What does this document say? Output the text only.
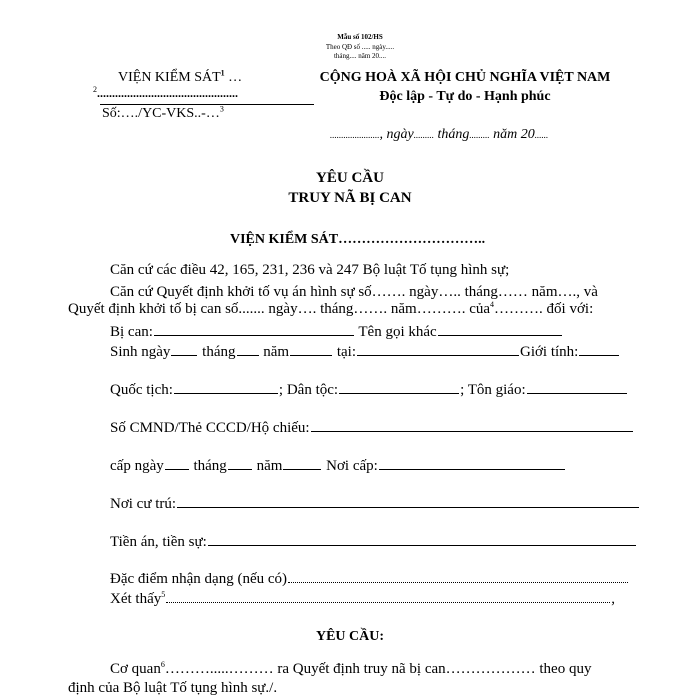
Mẫu số 102/HS
Theo QĐ số ..... ngày.....
tháng.... năm 20....
VIỆN KIỂM SÁT$^1$ …
$^2$...............................................
Số:…./YC-VKS..-…$^3$
CỘNG HOÀ XÃ HỘI CHỦ NGHĨA VIỆT NAM
Độc lập - Tự do - Hạnh phúc
......................, ngày......... tháng......... năm 20......
YÊU CẦU
TRUY NÃ BỊ CAN
VIỆN KIỂM SÁT…………………………..
Căn cứ các điều 42, 165, 231, 236 và 247 Bộ luật Tố tụng hình sự;
Căn cứ Quyết định khởi tố vụ án hình sự số……. ngày….. tháng…… năm…., và
Quyết định khởi tố bị can số....... ngày…. tháng……. năm………. của$^4$………. đối với:
Bị can:	Tên gọi khác
Sinh ngày tháng năm	tại:	Giới tính:
Quốc tịch:	; Dân tộc:	; Tôn giáo:
Số CMND/Thẻ CCCD/Hộ chiếu:
cấp ngày tháng năm	Nơi cấp:
Nơi cư trú:
Tiền án, tiền sự:
Đặc điểm nhận dạng (nếu có)
Xét thấy$^5$	,
YÊU CẦU:
Cơ quan$^6$……….....……… ra Quyết định truy nã bị can……………… theo quy
định của Bộ luật Tố tụng hình sự./.
